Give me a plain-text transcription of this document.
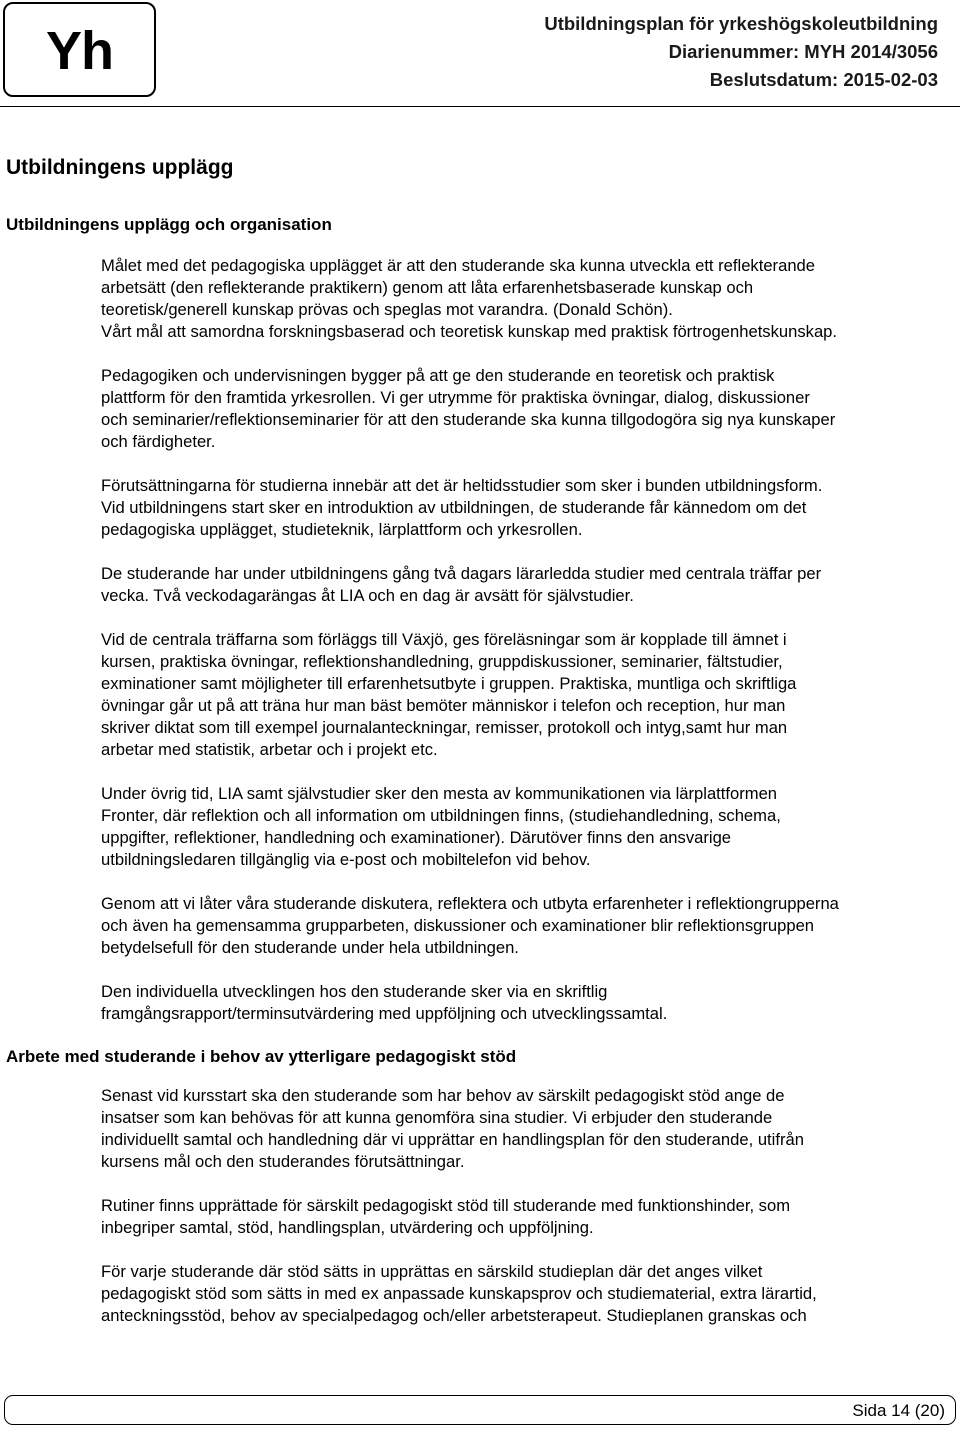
Yh	Utbildningsplan för yrkeshögskoleutbildning
Diarienummer: MYH 2014/3056
Beslutsdatum: 2015-02-03
Utbildningens upplägg
Utbildningens upplägg och organisation
Målet med det pedagogiska upplägget är att den studerande ska kunna utveckla ett reflekterande
arbetsätt (den reflekterande praktikern) genom att låta erfarenhetsbaserade kunskap och
teoretisk/generell kunskap prövas och speglas mot varandra. (Donald Schön).
Vårt mål att samordna forskningsbaserad och teoretisk kunskap med praktisk förtrogenhetskunskap.
Pedagogiken och undervisningen bygger på att ge den studerande en teoretisk och praktisk
plattform för den framtida yrkesrollen. Vi ger utrymme för praktiska övningar, dialog, diskussioner
och seminarier/reflektionseminarier för att den studerande ska kunna tillgodogöra sig nya kunskaper
och färdigheter.
Förutsättningarna för studierna innebär att det är heltidsstudier som sker i bunden utbildningsform.
Vid utbildningens start sker en introduktion av utbildningen, de studerande får kännedom om det
pedagogiska upplägget, studieteknik, lärplattform och yrkesrollen.
De studerande har under utbildningens gång två dagars lärarledda studier med centrala träffar per
vecka. Två veckodagarängas åt LIA och en dag är avsätt för självstudier.
Vid de centrala träffarna som förläggs till Växjö, ges föreläsningar som är kopplade till ämnet i
kursen, praktiska övningar, reflektionshandledning, gruppdiskussioner, seminarier, fältstudier,
exminationer samt möjligheter till erfarenhetsutbyte i gruppen. Praktiska, muntliga och skriftliga
övningar går ut på att träna hur man bäst bemöter människor i telefon och reception, hur man
skriver diktat som till exempel journalanteckningar, remisser, protokoll och intyg,samt hur man
arbetar med statistik, arbetar och i projekt etc.
Under övrig tid, LIA samt självstudier sker den mesta av kommunikationen via lärplattformen
Fronter, där reflektion och all information om utbildningen finns, (studiehandledning, schema,
uppgifter, reflektioner, handledning och examinationer). Därutöver finns den ansvarige
utbildningsledaren tillgänglig via e-post och mobiltelefon vid behov.
Genom att vi låter våra studerande diskutera, reflektera och utbyta erfarenheter i reflektiongrupperna
och även ha gemensamma grupparbeten, diskussioner och examinationer blir reflektionsgruppen
betydelsefull för den studerande under hela utbildningen.
Den individuella utvecklingen hos den studerande sker via en skriftlig
framgångsrapport/terminsutvärdering med uppföljning och utvecklingssamtal.
Arbete med studerande i behov av ytterligare pedagogiskt stöd
Senast vid kursstart ska den studerande som har behov av särskilt pedagogiskt stöd ange de
insatser som kan behövas för att kunna genomföra sina studier. Vi erbjuder den studerande
individuellt samtal och handledning där vi upprättar en handlingsplan för den studerande, utifrån
kursens mål och den studerandes förutsättningar.
Rutiner finns upprättade för särskilt pedagogiskt stöd till studerande med funktionshinder, som
inbegriper samtal, stöd, handlingsplan, utvärdering och uppföljning.
För varje studerande där stöd sätts in upprättas en särskild studieplan där det anges vilket
pedagogiskt stöd som sätts in med ex anpassade kunskapsprov och studiematerial, extra lärartid,
anteckningsstöd, behov av specialpedagog och/eller arbetsterapeut. Studieplanen granskas och
Sida 14 (20)
